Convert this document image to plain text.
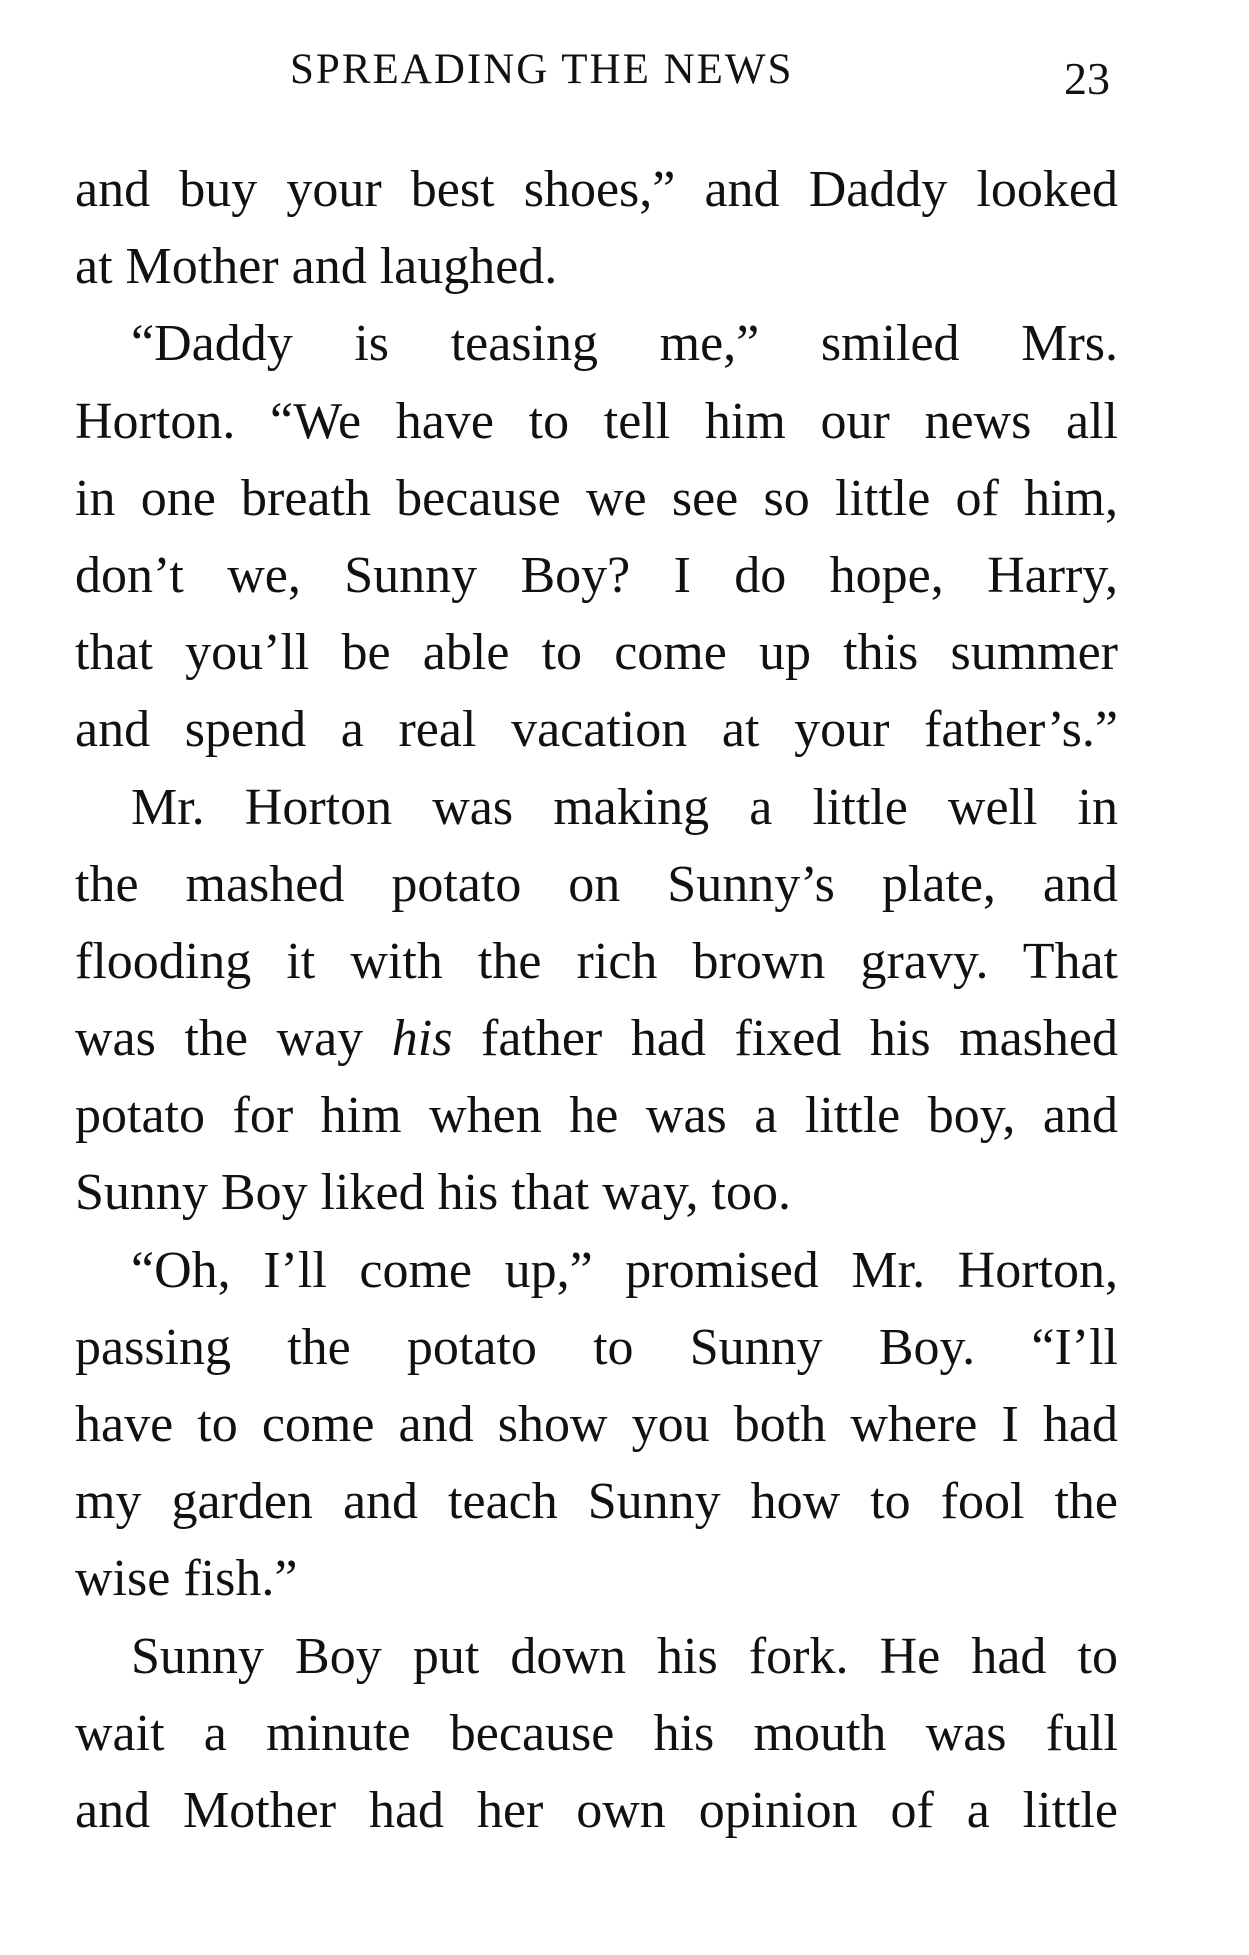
SPREADING THE NEWS	23
and buy your best shoes,” and Daddy looked
at Mother and laughed.
“Daddy is teasing me,” smiled Mrs.
Horton. “We have to tell him our news all
in one breath because we see so little of him,
don’t we, Sunny Boy? I do hope, Harry,
that you’ll be able to come up this summer
and spend a real vacation at your father’s.”
Mr. Horton was making a little well in
the mashed potato on Sunny’s plate, and
flooding it with the rich brown gravy. That
was the way his father had fixed his mashed
potato for him when he was a little boy, and
Sunny Boy liked his that way, too.
“Oh, I’ll come up,” promised Mr. Horton,
passing the potato to Sunny Boy. “I’ll
have to come and show you both where I had
my garden and teach Sunny how to fool the
wise fish.”
Sunny Boy put down his fork. He had to
wait a minute because his mouth was full
and Mother had her own opinion of a little
